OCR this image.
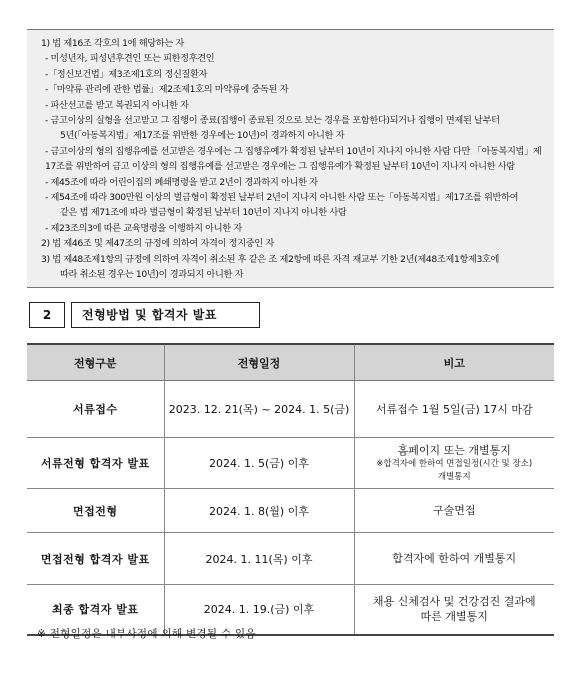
1) 법 제16조 각호의 1에 해당하는 자
- 미성년자, 피성년후견인 또는 피한정후견인
-「정신보건법」제3조제1호의 정신질환자
-「마약류 관리에 관한 법률」제2조제1호의 마약류에 중독된 자
- 파산선고를 받고 복권되지 아니한 자
- 금고이상의 실형을 선고받고 그 집행이 종료(집행이 종료된 것으로 보는 경우를 포함한다)되거나 집행이 면제된 날부터
5년(「아동복지법」제17조를 위반한 경우에는 10년)이 경과하지 아니한 자
- 금고이상의 형의 집행유예를 선고받은 경우에는 그 집행유예가 확정된 날부터 10년이 지나지 아니한 사람 다만 「아동복지법」제17조를 위반하여 금고 이상의 형의 집행유예를 선고받은 경우에는 그 집행유예가 확정된 날부터 10년이 지나지 아니한 사람
- 제45조에 따라 어린이집의 폐쇄명령을 받고 2년이 경과하지 아니한 자
- 제54조에 따라 300만원 이상의 벌금형이 확정된 날부터 2년이 지나지 아니한 사람 또는「아동복지법」제17조를 위반하여
같은 법 제71조에 따라 벌금형이 확정된 날부터 10년이 지나지 아니한 사람
- 제23조의3에 따른 교육명령을 이행하지 아니한 자
2) 법 제46조 및 제47조의 규정에 의하여 자격이 정지중인 자
3) 법 제48조제1항의 규정에 의하여 자격이 취소된 후 같은 조 제2항에 따른 자격 재교부 기한 2년(제48조제1항제3호에
따라 취소된 경우는 10년)이 경과되지 아니한 자
2	전형방법 및 합격자 발표
전형구분	전형일정	비고
서류접수	2023. 12. 21(목) ~ 2024. 1. 5(금)	서류접수 1월 5일(금) 17시 마감

서류전형 합격자 발표	2024. 1. 5(금) 이후	홈페이지 또는 개별통지
※합격자에 한하여 면접일정(시간 및 장소)
개별통지

면접전형	2024. 1. 8(월) 이후	구술면접

면접전형 합격자 발표	2024. 1. 11(목) 이후	합격자에 한하여 개별통지

최종 합격자 발표	2024. 1. 19.(금) 이후	채용 신체검사 및 건강검진 결과에
따른 개별통지
※ 전형일정은 내부사정에 의해 변경될 수 있음
